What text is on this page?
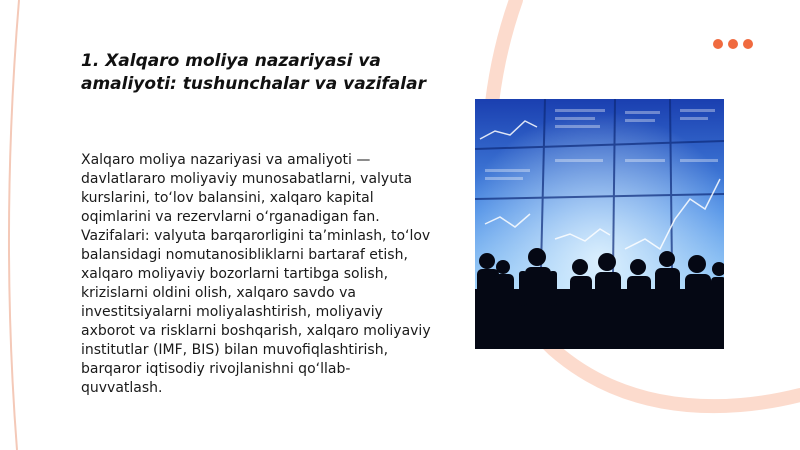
1. Xalqaro moliya nazariyasi va amaliyoti: tushunchalar va vazifalar

Xalqaro moliya nazariyasi va amaliyoti — davlatlararo moliyaviy munosabatlarni, valyuta kurslarini, to‘lov balansini, xalqaro kapital oqimlarini va rezervlarni o‘rganadigan fan. Vazifalari: valyuta barqarorligini ta’minlash, to‘lov balansidagi nomutanosibliklarni bartaraf etish, xalqaro moliyaviy bozorlarni tartibga solish, krizislarni oldini olish, xalqaro savdo va investitsiyalarni moliyalashtirish, moliyaviy axborot va risklarni boshqarish, xalqaro moliyaviy institutlar (IMF, BIS) bilan muvofiqlashtirish, barqaror iqtisodiy rivojlanishni qo‘llab-quvvatlash.
